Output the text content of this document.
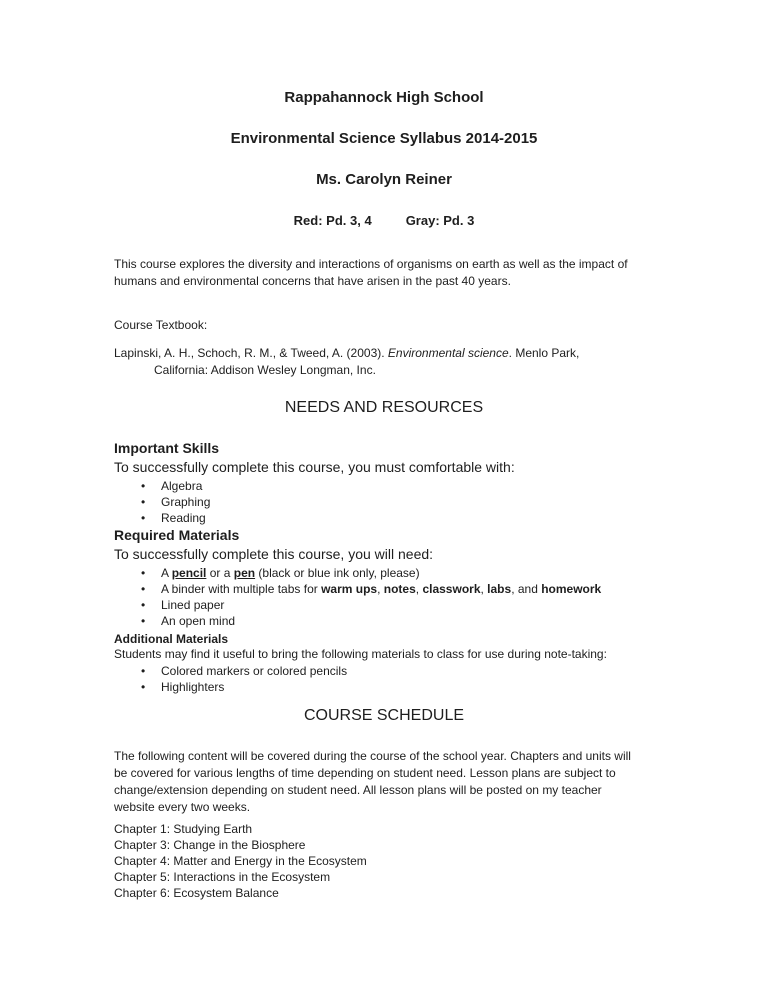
Rappahannock High School
Environmental Science Syllabus 2014-2015
Ms. Carolyn Reiner
Red: Pd. 3, 4	Gray: Pd. 3
This course explores the diversity and interactions of organisms on earth as well as the impact of
humans and environmental concerns that have arisen in the past 40 years.
Course Textbook:
Lapinski, A. H., Schoch, R. M., & Tweed, A. (2003). Environmental science. Menlo Park,
California: Addison Wesley Longman, Inc.
NEEDS AND RESOURCES
Important Skills
To successfully complete this course, you must comfortable with:
• Algebra
• Graphing
• Reading
Required Materials
To successfully complete this course, you will need:
• A pencil or a pen (black or blue ink only, please)
• A binder with multiple tabs for warm ups, notes, classwork, labs, and homework
• Lined paper
• An open mind
Additional Materials
Students may find it useful to bring the following materials to class for use during note-taking:
• Colored markers or colored pencils
• Highlighters
COURSE SCHEDULE
The following content will be covered during the course of the school year. Chapters and units will
be covered for various lengths of time depending on student need. Lesson plans are subject to
change/extension depending on student need. All lesson plans will be posted on my teacher
website every two weeks.
Chapter 1: Studying Earth
Chapter 3: Change in the Biosphere
Chapter 4: Matter and Energy in the Ecosystem
Chapter 5: Interactions in the Ecosystem
Chapter 6: Ecosystem Balance
